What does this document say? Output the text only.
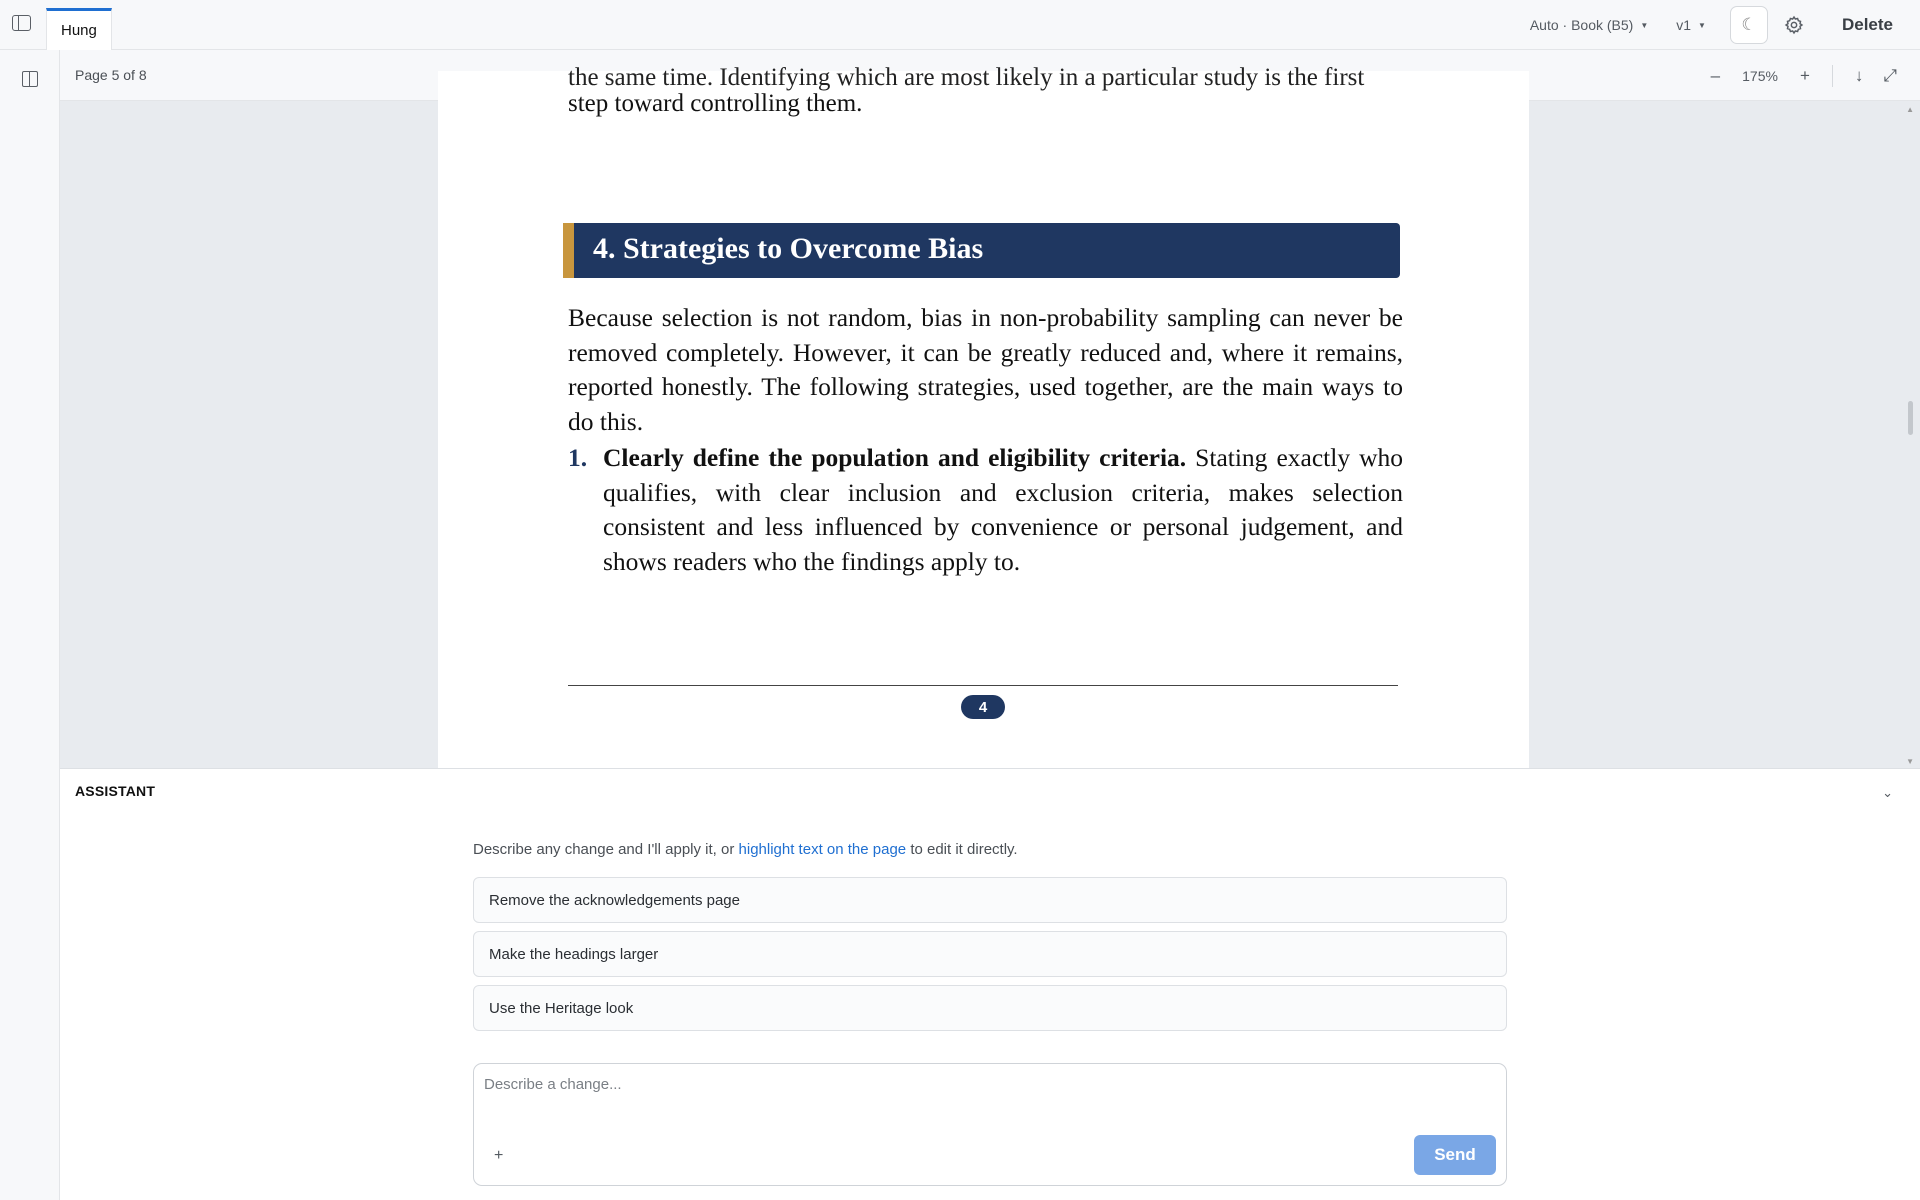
Hung	Auto · Book (B5) ▼ v1 ▼ ☾	Delete
Page 5 of 8	– 175% +	↓ ⤢
the same time. Identifying which are most likely in a particular study is the first
step toward controlling them.
4. Strategies to Overcome Bias
Because selection is not random, bias in non-probability sampling can never be removed completely. However, it can be greatly reduced and, where it remains, reported honestly. The following strategies, used together, are the main ways to do this.
1. Clearly define the population and eligibility criteria. Stating exactly who qualifies, with clear inclusion and exclusion criteria, makes selection consistent and less influenced by convenience or personal judgement, and shows readers who the findings apply to.
4
▲
▼
ASSISTANT	⌄
Describe any change and I'll apply it, or highlight text on the page to edit it directly.
Remove the acknowledgements page
Make the headings larger
Use the Heritage look
Describe a change...
+	Send
